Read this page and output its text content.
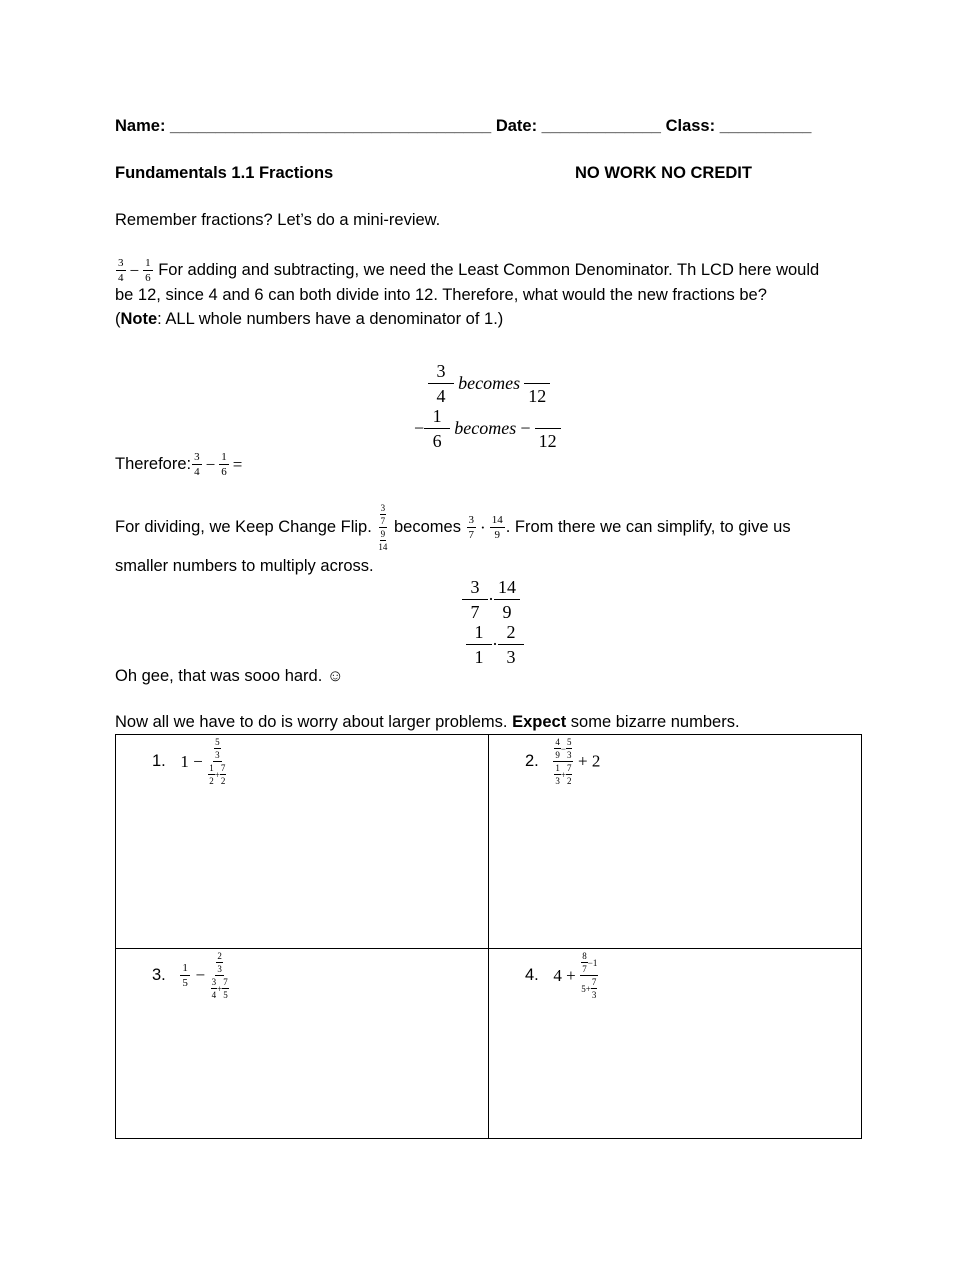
Name: ___________________________________ Date: _____________ Class: __________
Fundamentals 1.1 Fractions	NO WORK NO CREDIT
Remember fractions? Let’s do a mini-review.
$\frac{3}{4} - \frac{1}{6}$ For adding and subtracting, we need the Least Common Denominator. Th LCD here would
be 12, since 4 and 6 can both divide into 12. Therefore, what would the new fractions be?
(Note: ALL whole numbers have a denominator of 1.)
$\frac{3}{4}$ becomes
12
− $\frac{1}{6}$ becomes −
12
Therefore: $\frac{3}{4} - \frac{1}{6}$ =
For dividing, we Keep Change Flip. 3
7
9
14 becomes $\frac{3}{7} \cdot \frac{14}{9}$ . From there we can simplify, to give us
smaller numbers to multiply across.
$\frac{3}{7} \cdot \frac{14}{9}$
$\frac{1}{1} \cdot \frac{2}{3}$
Oh gee, that was sooo hard. ☺
Now all we have to do is worry about larger problems. Expect some bizarre numbers.
1. 1 − 5
3
1
2
+
7
2	2. 4
9
−
5
3
1
3
+
7
2 + 2
3. $\frac{1}{5} - 2$
3
3
4
+
7
5	4. 4 + 8
7
−1
5+
7
3
